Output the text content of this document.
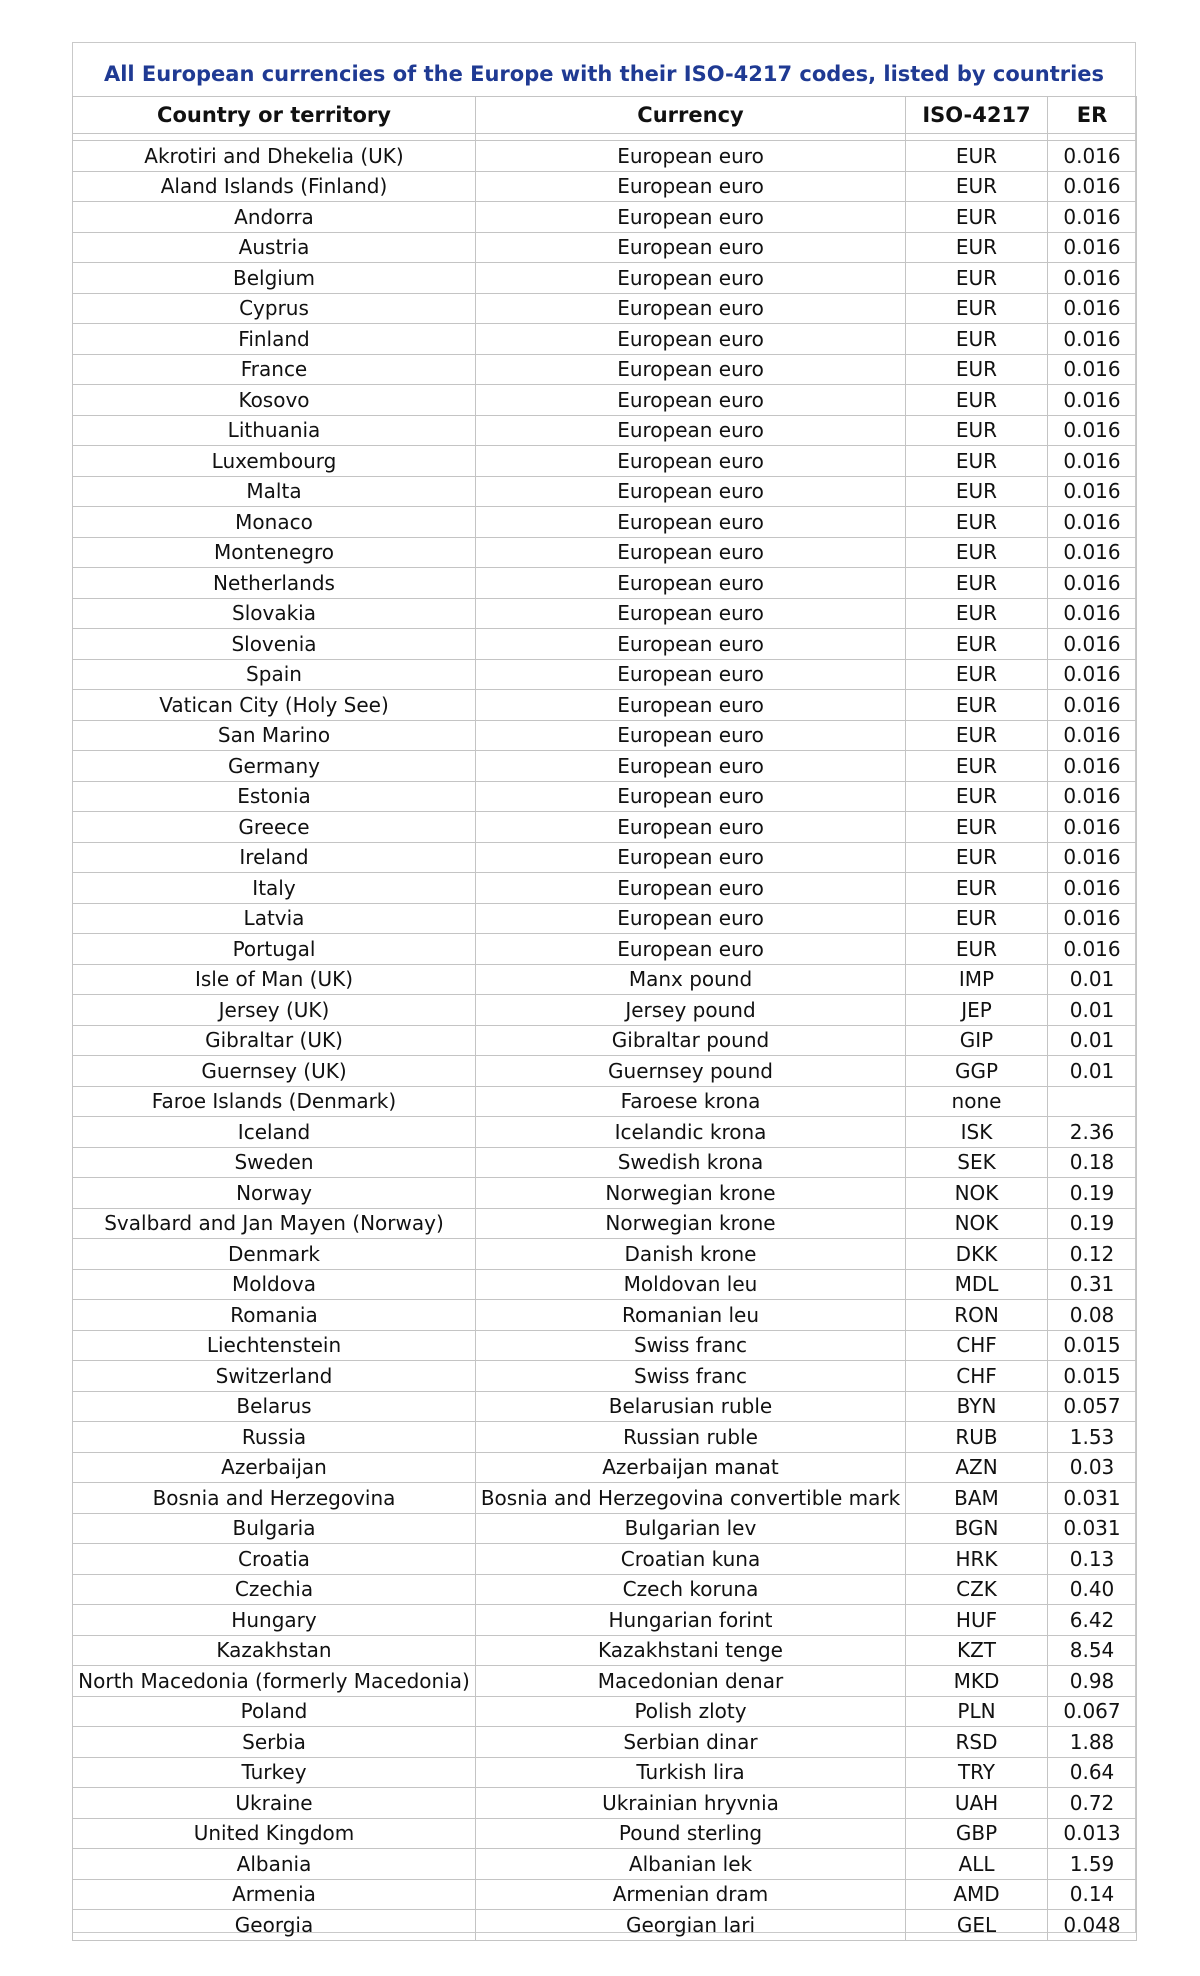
All European currencies of the Europe with their ISO-4217 codes, listed by countries
Country or territory	Currency	ISO-4217	ER

Akrotiri and Dhekelia (UK)	European euro	EUR	0.016
Aland Islands (Finland)	European euro	EUR	0.016
Andorra	European euro	EUR	0.016
Austria	European euro	EUR	0.016
Belgium	European euro	EUR	0.016
Cyprus	European euro	EUR	0.016
Finland	European euro	EUR	0.016
France	European euro	EUR	0.016
Kosovo	European euro	EUR	0.016
Lithuania	European euro	EUR	0.016
Luxembourg	European euro	EUR	0.016
Malta	European euro	EUR	0.016
Monaco	European euro	EUR	0.016
Montenegro	European euro	EUR	0.016
Netherlands	European euro	EUR	0.016
Slovakia	European euro	EUR	0.016
Slovenia	European euro	EUR	0.016
Spain	European euro	EUR	0.016
Vatican City (Holy See)	European euro	EUR	0.016
San Marino	European euro	EUR	0.016
Germany	European euro	EUR	0.016
Estonia	European euro	EUR	0.016
Greece	European euro	EUR	0.016
Ireland	European euro	EUR	0.016
Italy	European euro	EUR	0.016
Latvia	European euro	EUR	0.016
Portugal	European euro	EUR	0.016
Isle of Man (UK)	Manx pound	IMP	0.01
Jersey (UK)	Jersey pound	JEP	0.01
Gibraltar (UK)	Gibraltar pound	GIP	0.01
Guernsey (UK)	Guernsey pound	GGP	0.01
Faroe Islands (Denmark)	Faroese krona	none	
Iceland	Icelandic krona	ISK	2.36
Sweden	Swedish krona	SEK	0.18
Norway	Norwegian krone	NOK	0.19
Svalbard and Jan Mayen (Norway)	Norwegian krone	NOK	0.19
Denmark	Danish krone	DKK	0.12
Moldova	Moldovan leu	MDL	0.31
Romania	Romanian leu	RON	0.08
Liechtenstein	Swiss franc	CHF	0.015
Switzerland	Swiss franc	CHF	0.015
Belarus	Belarusian ruble	BYN	0.057
Russia	Russian ruble	RUB	1.53
Azerbaijan	Azerbaijan manat	AZN	0.03
Bosnia and Herzegovina	Bosnia and Herzegovina convertible mark	BAM	0.031
Bulgaria	Bulgarian lev	BGN	0.031
Croatia	Croatian kuna	HRK	0.13
Czechia	Czech koruna	CZK	0.40
Hungary	Hungarian forint	HUF	6.42
Kazakhstan	Kazakhstani tenge	KZT	8.54
North Macedonia (formerly Macedonia)	Macedonian denar	MKD	0.98
Poland	Polish zloty	PLN	0.067
Serbia	Serbian dinar	RSD	1.88
Turkey	Turkish lira	TRY	0.64
Ukraine	Ukrainian hryvnia	UAH	0.72
United Kingdom	Pound sterling	GBP	0.013
Albania	Albanian lek	ALL	1.59
Armenia	Armenian dram	AMD	0.14
Georgia	Georgian lari	GEL	0.048
